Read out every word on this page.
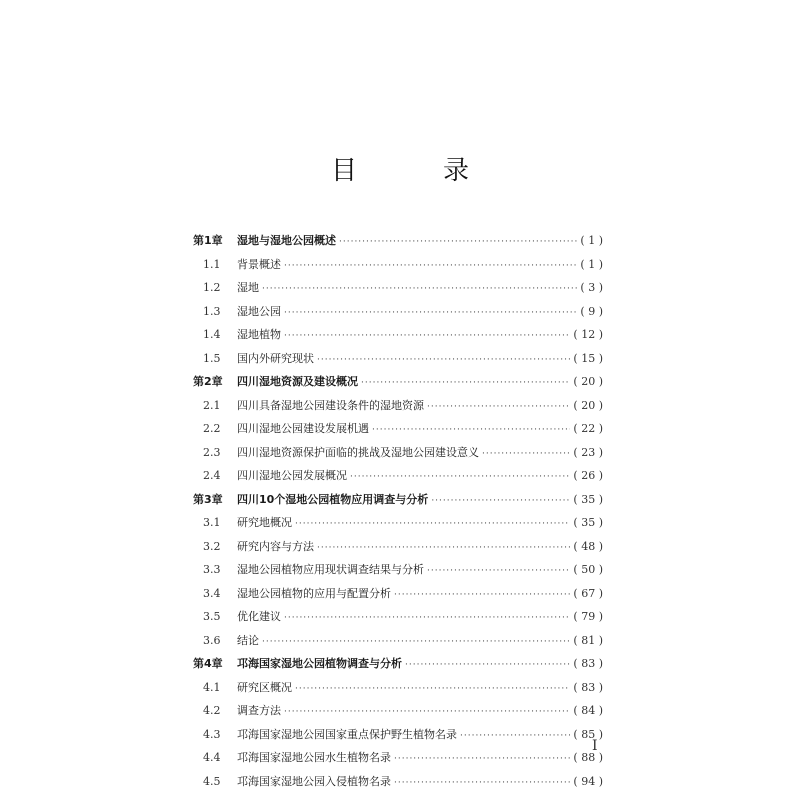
目　录
第1章	湿地与湿地公园概述 ·····	( 1 )
1.1	背景概述 ·····	( 1 )
1.2	湿地 ·····	( 3 )
1.3	湿地公园 ·····	( 9 )
1.4	湿地植物 ·····	( 12 )
1.5	国内外研究现状 ·····	( 15 )
第2章	四川湿地资源及建设概况 ·····	( 20 )
2.1	四川具备湿地公园建设条件的湿地资源 ·····	( 20 )
2.2	四川湿地公园建设发展机遇 ·····	( 22 )
2.3	四川湿地资源保护面临的挑战及湿地公园建设意义 ·····	( 23 )
2.4	四川湿地公园发展概况 ·····	( 26 )
第3章	四川10个湿地公园植物应用调查与分析 ·····	( 35 )
3.1	研究地概况 ·····	( 35 )
3.2	研究内容与方法 ·····	( 48 )
3.3	湿地公园植物应用现状调查结果与分析 ·····	( 50 )
3.4	湿地公园植物的应用与配置分析 ·····	( 67 )
3.5	优化建议 ·····	( 79 )
3.6	结论 ·····	( 81 )
第4章	邛海国家湿地公园植物调查与分析 ·····	( 83 )
4.1	研究区概况 ·····	( 83 )
4.2	调查方法 ·····	( 84 )
4.3	邛海国家湿地公园国家重点保护野生植物名录 ·····	( 85 )
4.4	邛海国家湿地公园水生植物名录 ·····	( 88 )
4.5	邛海国家湿地公园入侵植物名录 ·····	( 94 )
I
